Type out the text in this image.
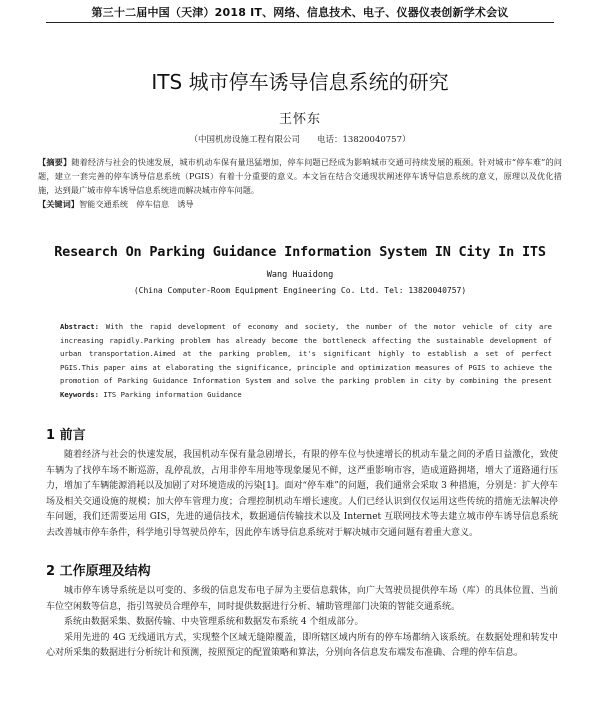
第三十二届中国（天津）2018 IT、网络、信息技术、电子、仪器仪表创新学术会议
ITS 城市停车诱导信息系统的研究
王怀东
（中国机房设施工程有限公司　　电话：13820040757）
【摘要】随着经济与社会的快速发展，城市机动车保有量迅猛增加，停车问题已经成为影响城市交通可持续发展的瓶颈。针对城市“停车难”的问题，建立一套完善的停车诱导信息系统（PGIS）有着十分重要的意义。本文旨在结合交通现状阐述停车诱导信息系统的意义，原理以及优化措施，达到最广城市停车诱导信息系统进而解决城市停车问题。
【关键词】智能交通系统　停车信息　诱导
Research On Parking Guidance Information System IN City In ITS
Wang Huaidong
(China Computer-Room Equipment Engineering Co. Ltd. Tel: 13820040757)
Abstract: With the rapid development of economy and society, the number of the motor vehicle of city are increasing rapidly.Parking problem has already become the bottleneck affecting the sustainable development of urban transportation.Aimed at the parking problem, it's significant highly to establish a set of perfect PGIS.This paper aims at elaborating the significance, principle and optimization measures of PGIS to achieve the promotion of Parking Guidance Information System and solve the parking problem in city by combining the present
Keywords: ITS Parking information Guidance
1 前言

随着经济与社会的快速发展，我国机动车保有量急剧增长，有限的停车位与快速增长的机动车量之间的矛盾日益激化，致使车辆为了找停车场不断巡游，乱停乱放，占用非停车用地等现象屡见不鲜，这严重影响市容，造成道路拥堵，增大了道路通行压力，增加了车辆能源消耗以及加剧了对环境造成的污染[1]。面对“停车难”的问题，我们通常会采取 3 种措施，分别是：扩大停车场及相关交通设施的规模；加大停车管理力度；合理控制机动车增长速度。人们已经认识到仅仅运用这些传统的措施无法解决停车问题，我们还需要运用 GIS，先进的通信技术，数据通信传输技术以及 Internet 互联网技术等去建立城市停车诱导信息系统去改善城市停车条件，科学地引导驾驶员停车，因此停车诱导信息系统对于解决城市交通问题有着重大意义。

2 工作原理及结构

城市停车诱导系统是以可变的、多级的信息发布电子屏为主要信息载体，向广大驾驶员提供停车场（库）的具体位置、当前车位空闲数等信息，指引驾驶员合理停车，同时提供数据进行分析、辅助管理部门决策的智能交通系统。

系统由数据采集、数据传输、中央管理系统和数据发布系统 4 个组成部分。

采用先进的 4G 无线通讯方式，实现整个区域无缝隙覆盖，即所辖区域内所有的停车场都纳入该系统。在数据处理和转发中心对所采集的数据进行分析统计和预测，按照预定的配置策略和算法，分别向各信息发布端发布准确、合理的停车信息。
